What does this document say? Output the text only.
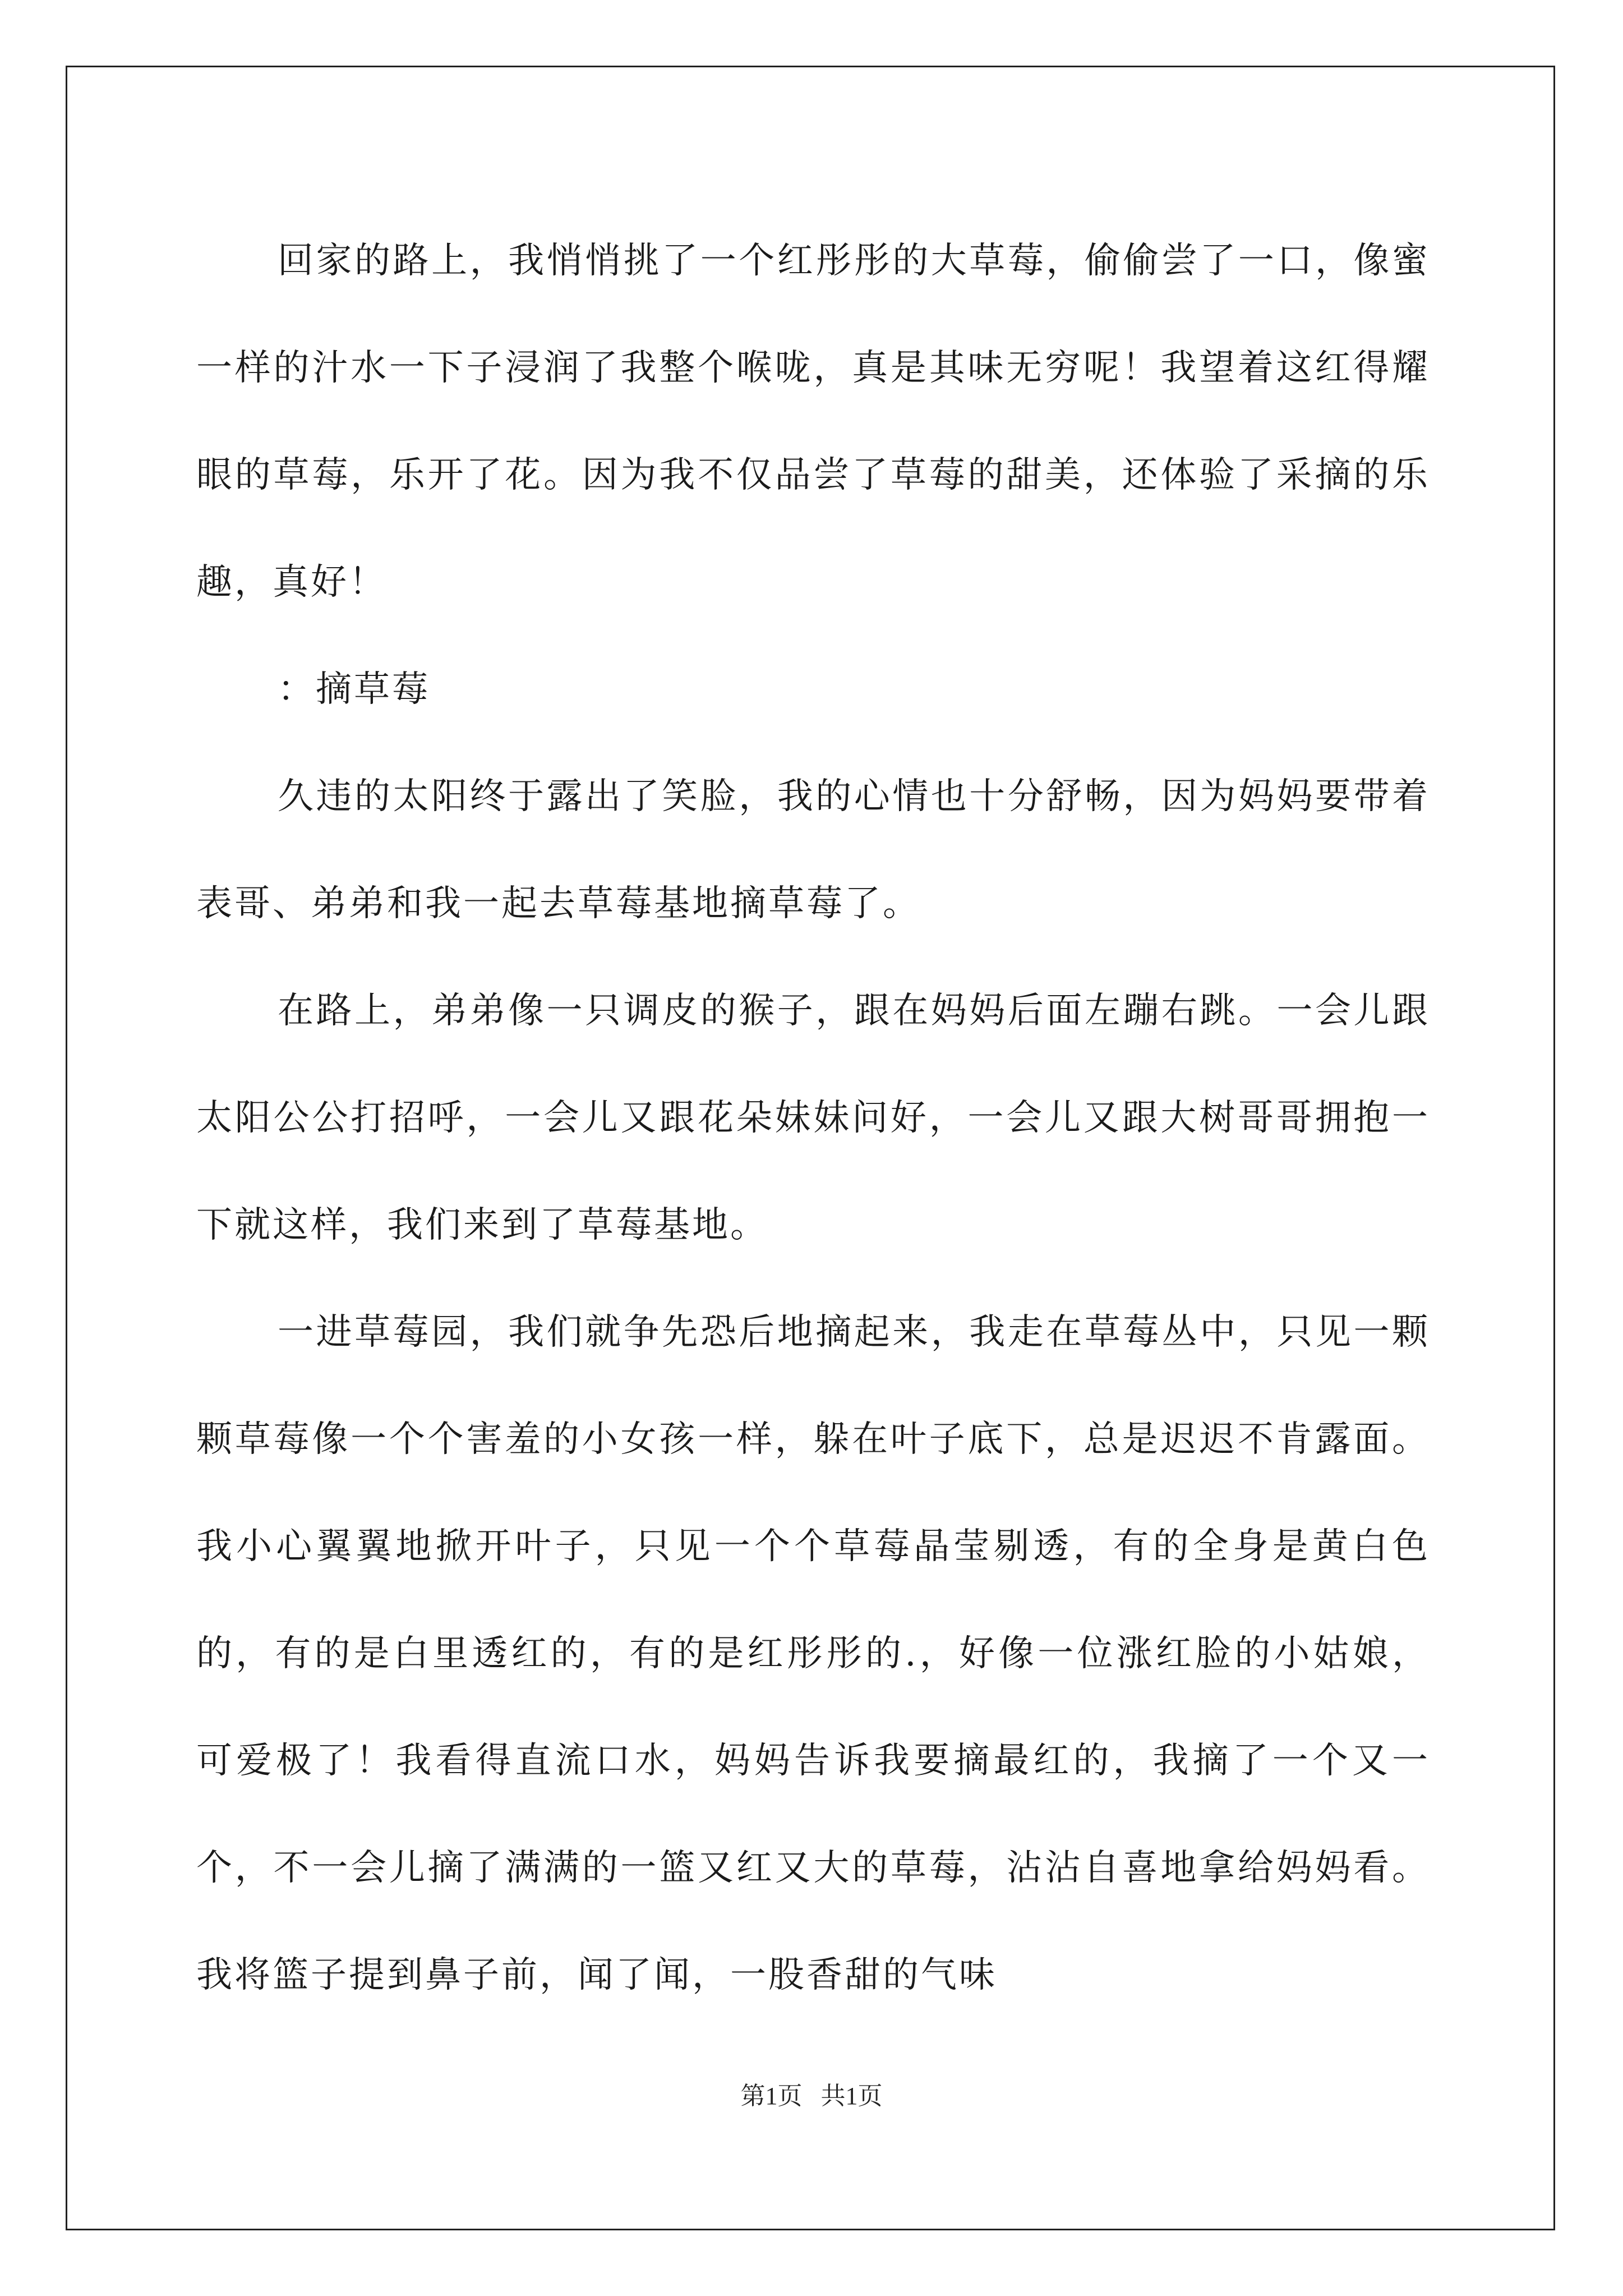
回家的路上，我悄悄挑了一个红彤彤的大草莓，偷偷尝了一口，像蜜一样的汁水一下子浸润了我整个喉咙，真是其味无穷呢！我望着这红得耀眼的草莓，乐开了花。因为我不仅品尝了草莓的甜美，还体验了采摘的乐趣，真好！

：摘草莓

久违的太阳终于露出了笑脸，我的心情也十分舒畅，因为妈妈要带着表哥、弟弟和我一起去草莓基地摘草莓了。

在路上，弟弟像一只调皮的猴子，跟在妈妈后面左蹦右跳。一会儿跟太阳公公打招呼，一会儿又跟花朵妹妹问好，一会儿又跟大树哥哥拥抱一下就这样，我们来到了草莓基地。

一进草莓园，我们就争先恐后地摘起来，我走在草莓丛中，只见一颗颗草莓像一个个害羞的小女孩一样，躲在叶子底下，总是迟迟不肯露面。我小心翼翼地掀开叶子，只见一个个草莓晶莹剔透，有的全身是黄白色的，有的是白里透红的，有的是红彤彤的.，好像一位涨红脸的小姑娘，可爱极了！我看得直流口水，妈妈告诉我要摘最红的，我摘了一个又一个，不一会儿摘了满满的一篮又红又大的草莓，沾沾自喜地拿给妈妈看。我将篮子提到鼻子前，闻了闻，一股香甜的气味

第1页   共1页
